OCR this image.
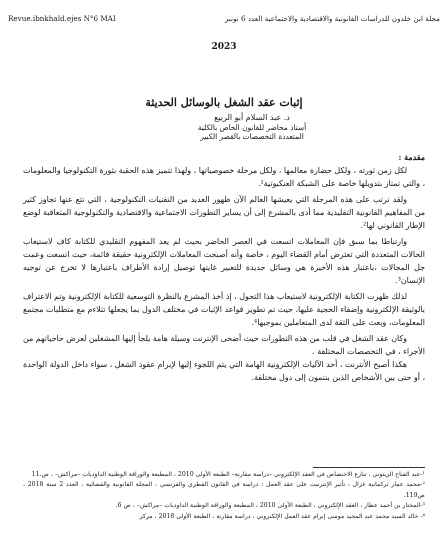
Revue.ibnkhald.ejes N°6 MAI	مجلة ابن خلدون للدراسات القانونية والاقتصادية والاجتماعية العدد 6 نونبر
2023
إثبات عقد الشغل بالوسائل الحديثة
د. عبد السلام أبو الربيع
أستاذ محاضر للقانون الخاص بالكلية
المتعددة التخصصات بالقصر الكبير

مقدمة :

لكل زمن ثورته ، ولكل حضارة معالمها ، ولكل مرحلة خصوصياتها ، ولهذا تتميز هذه الحقبة بثورة التكنولوجيا والمعلومات ، والتي تمتاز بتدويلها خاصة على الشبكة العنكبوتية¹.

ولقد ترتب على هذه المرحلة التي يعيشها العالم الآن ظهور العديد من التقنيات التكنولوجية ، التي تتع عنها تجاوز كثير من المفاهيم القانونية التقليدية مما أدى بالمشرع إلى أن يساير التطورات الاجتماعية والاقتصادية والتكنولوجية المتعاقبة لوضع الإطار القانوني لها².

وارتباطا بما سبق فإن المعاملات اتسعت في العصر الحاضر بحيث لم يعد المفهوم التقليدي للكتابة كاف لاستيعاب الحالات المتعددة التي تعترض أمام القضاء اليوم ، خاصة وأنه أصبحت المعاملات الإلكترونية حقيقة قائمة، حيث اتسعت وعمت جل المجالات ،باعتبار هذه الأخيرة هي وسائل جديدة للتعبير غايتها توصيل إرادة الأطراف باعتبارها لا تخرج عن توجيه الإنسان³.

لذلك ظهرت الكتابة الإلكترونية لاستيعاب هذا التحول ، إذ أخذ المشرع بالنظرة التوسعية للكتابة الإلكترونية وتم الاعتراف بالوثيقة الإلكترونية وإضفاء الحجية عليها، حيث تم تطوير قواعد الإثبات في مختلف الدول بما يجعلها تتلاءم مع متطلبات مجتمع المعلومات، وبعث على الثقة لدى المتعاملين بموجبها⁴.

وكان عقد الشغل في قلب من هذه التطورات حيث أضحى الإنترنت وسيلة هامة يلجأ إليها المشغلين لعرض حاجياتهم من الأجراء ، في التخصصات المختلفة .

هكذا أصبح الأنترنت ، أحد الآليات الإلكترونية الهامة التي يتم اللجوء إليها لإبرام عقود الشغل ، سواء داخل الدولة الواحدة ، أو حتى بين الأشخاص الذين ينتمون إلى دول مختلفة.

¹-عبد الفتاح الزيتوني ، تنازع الاختصاص في العقد الإلكتروني –دراسة مقارنة– الطبعة الأولى 2010 ، المطبعة والوراقة الوطنية الداوديات –مراكش– ، ص.11

²-محمد عمار تركمانية غزال ، تأثير الإنترنيت على عقد العمل : دراسة في القانون القطري والفرنسي ، المجلة القانونية والقضائية ، العدد 2 سنة 2018 ، ص119.

³-المختار بن أحمد عطار ، العقد الإلكتروني ، الطبعة الأولى 2010 ، المطبعة والوراقة الوطنية الداوديات –مراكش– ، ص 6.

⁴- خالد السيد محمد عبد المجيد موسى إبرام عقد العمل الإلكتروني ، دراسة مقارنة ، الطبعة الأولى 2018 ، مركز
